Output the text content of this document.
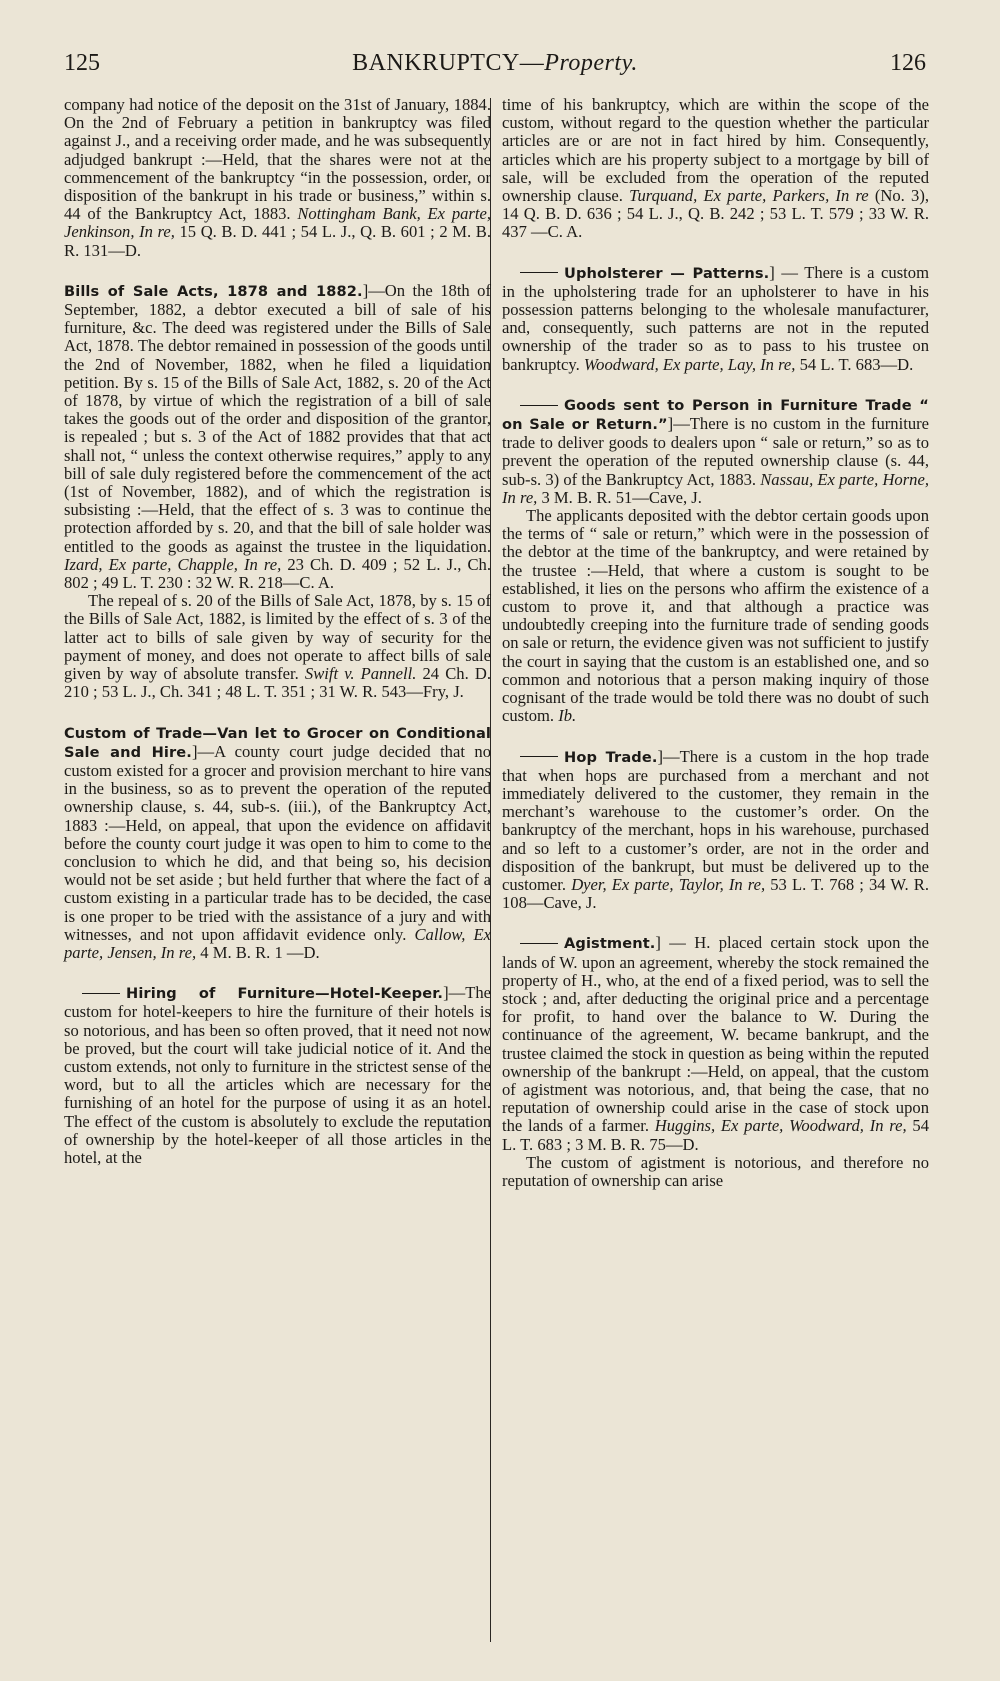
125	BANKRUPTCY—Property.	126

company had notice of the deposit on the 31st of January, 1884. On the 2nd of February a petition in bankruptcy was filed against J., and a receiving order made, and he was subsequently adjudged bankrupt :—Held, that the shares were not at the commencement of the bankruptcy “in the possession, order, or disposition of the bankrupt in his trade or business,” within s. 44 of the Bankruptcy Act, 1883. Nottingham Bank, Ex parte, Jenkinson, In re, 15 Q. B. D. 441 ; 54 L. J., Q. B. 601 ; 2 M. B. R. 131—D.

Bills of Sale Acts, 1878 and 1882.]—On the 18th of September, 1882, a debtor executed a bill of sale of his furniture, &c. The deed was registered under the Bills of Sale Act, 1878. The debtor remained in possession of the goods until the 2nd of November, 1882, when he filed a liquidation petition. By s. 15 of the Bills of Sale Act, 1882, s. 20 of the Act of 1878, by virtue of which the registration of a bill of sale takes the goods out of the order and disposition of the grantor, is repealed ; but s. 3 of the Act of 1882 provides that that act shall not, “ unless the context otherwise requires,” apply to any bill of sale duly registered before the commencement of the act (1st of November, 1882), and of which the registration is subsisting :—Held, that the effect of s. 3 was to continue the protection afforded by s. 20, and that the bill of sale holder was entitled to the goods as against the trustee in the liquidation. Izard, Ex parte, Chapple, In re, 23 Ch. D. 409 ; 52 L. J., Ch. 802 ; 49 L. T. 230 : 32 W. R. 218—C. A.

The repeal of s. 20 of the Bills of Sale Act, 1878, by s. 15 of the Bills of Sale Act, 1882, is limited by the effect of s. 3 of the latter act to bills of sale given by way of security for the payment of money, and does not operate to affect bills of sale given by way of absolute transfer. Swift v. Pannell. 24 Ch. D. 210 ; 53 L. J., Ch. 341 ; 48 L. T. 351 ; 31 W. R. 543—Fry, J.

Custom of Trade—Van let to Grocer on Conditional Sale and Hire.]—A county court judge decided that no custom existed for a grocer and provision merchant to hire vans in the business, so as to prevent the operation of the reputed ownership clause, s. 44, sub-s. (iii.), of the Bankruptcy Act, 1883 :—Held, on appeal, that upon the evidence on affidavit before the county court judge it was open to him to come to the conclusion to which he did, and that being so, his decision would not be set aside ; but held further that where the fact of a custom existing in a particular trade has to be decided, the case is one proper to be tried with the assistance of a jury and with witnesses, and not upon affidavit evidence only. Callow, Ex parte, Jensen, In re, 4 M. B. R. 1 —D.

Hiring of Furniture—Hotel-Keeper.]—The custom for hotel-keepers to hire the furniture of their hotels is so notorious, and has been so often proved, that it need not now be proved, but the court will take judicial notice of it. And the custom extends, not only to furniture in the strictest sense of the word, but to all the articles which are necessary for the furnishing of an hotel for the purpose of using it as an hotel. The effect of the custom is absolutely to exclude the reputation of ownership by the hotel-keeper of all those articles in the hotel, at the

time of his bankruptcy, which are within the scope of the custom, without regard to the question whether the particular articles are or are not in fact hired by him. Consequently, articles which are his property subject to a mortgage by bill of sale, will be excluded from the operation of the reputed ownership clause. Turquand, Ex parte, Parkers, In re (No. 3), 14 Q. B. D. 636 ; 54 L. J., Q. B. 242 ; 53 L. T. 579 ; 33 W. R. 437 —C. A.

Upholsterer — Patterns.] — There is a custom in the upholstering trade for an upholsterer to have in his possession patterns belonging to the wholesale manufacturer, and, consequently, such patterns are not in the reputed ownership of the trader so as to pass to his trustee on bankruptcy. Woodward, Ex parte, Lay, In re, 54 L. T. 683—D.

Goods sent to Person in Furniture Trade “ on Sale or Return.”]—There is no custom in the furniture trade to deliver goods to dealers upon “ sale or return,” so as to prevent the operation of the reputed ownership clause (s. 44, sub-s. 3) of the Bankruptcy Act, 1883. Nassau, Ex parte, Horne, In re, 3 M. B. R. 51—Cave, J.

The applicants deposited with the debtor certain goods upon the terms of “ sale or return,” which were in the possession of the debtor at the time of the bankruptcy, and were retained by the trustee :—Held, that where a custom is sought to be established, it lies on the persons who affirm the existence of a custom to prove it, and that although a practice was undoubtedly creeping into the furniture trade of sending goods on sale or return, the evidence given was not sufficient to justify the court in saying that the custom is an established one, and so common and notorious that a person making inquiry of those cognisant of the trade would be told there was no doubt of such custom. Ib.

Hop Trade.]—There is a custom in the hop trade that when hops are purchased from a merchant and not immediately delivered to the customer, they remain in the merchant’s warehouse to the customer’s order. On the bankruptcy of the merchant, hops in his warehouse, purchased and so left to a customer’s order, are not in the order and disposition of the bankrupt, but must be delivered up to the customer. Dyer, Ex parte, Taylor, In re, 53 L. T. 768 ; 34 W. R. 108—Cave, J.

Agistment.] — H. placed certain stock upon the lands of W. upon an agreement, whereby the stock remained the property of H., who, at the end of a fixed period, was to sell the stock ; and, after deducting the original price and a percentage for profit, to hand over the balance to W. During the continuance of the agreement, W. became bankrupt, and the trustee claimed the stock in question as being within the reputed ownership of the bankrupt :—Held, on appeal, that the custom of agistment was notorious, and, that being the case, that no reputation of ownership could arise in the case of stock upon the lands of a farmer. Huggins, Ex parte, Woodward, In re, 54 L. T. 683 ; 3 M. B. R. 75—D.

The custom of agistment is notorious, and therefore no reputation of ownership can arise
